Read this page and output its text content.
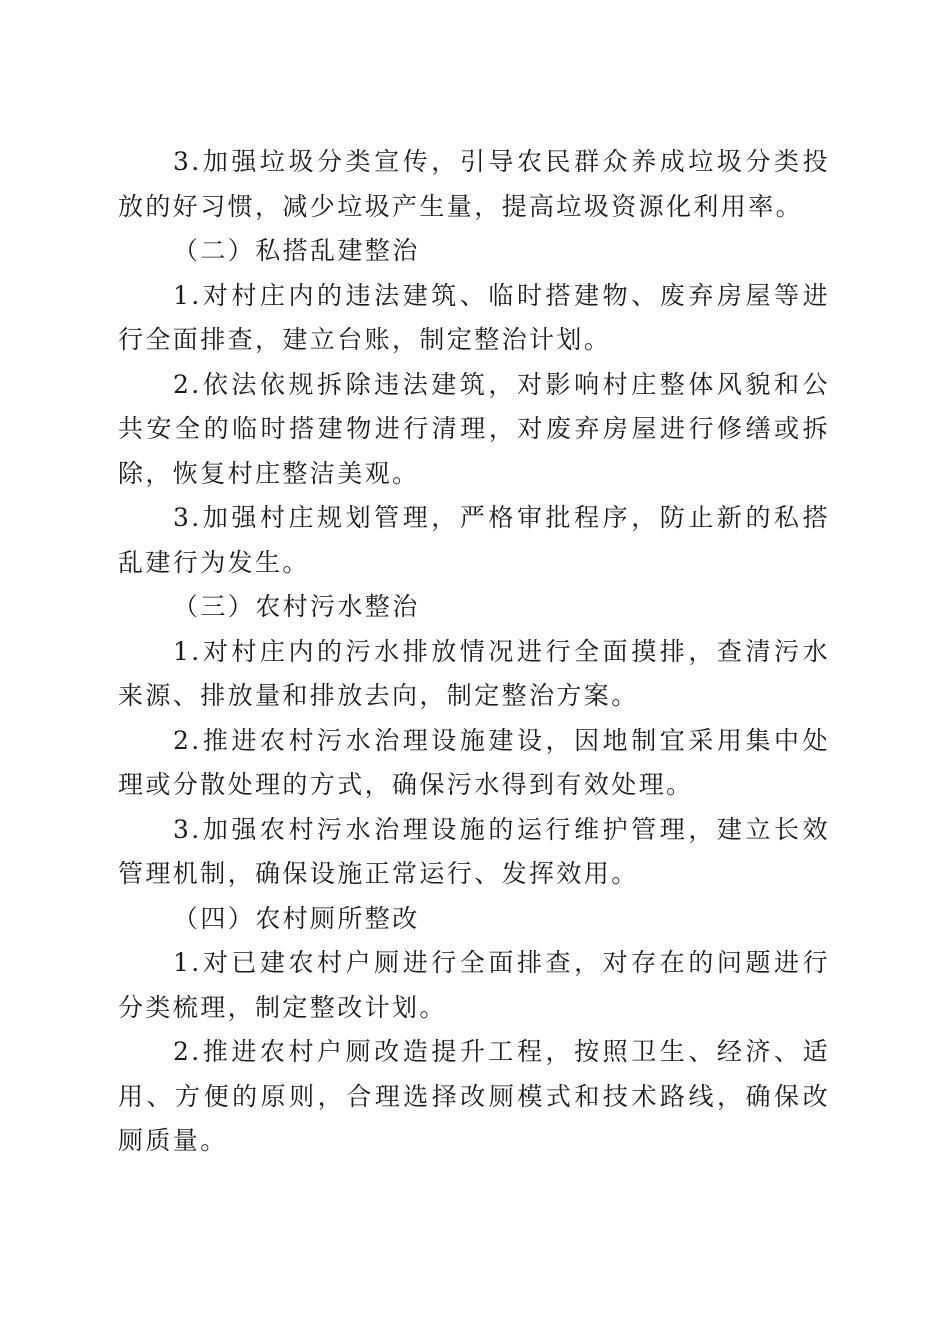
3.加强垃圾分类宣传，引导农民群众养成垃圾分类投放的好习惯，减少垃圾产生量，提高垃圾资源化利用率。

（二）私搭乱建整治

1.对村庄内的违法建筑、临时搭建物、废弃房屋等进行全面排查，建立台账，制定整治计划。

2.依法依规拆除违法建筑，对影响村庄整体风貌和公共安全的临时搭建物进行清理，对废弃房屋进行修缮或拆除，恢复村庄整洁美观。

3.加强村庄规划管理，严格审批程序，防止新的私搭乱建行为发生。

（三）农村污水整治

1.对村庄内的污水排放情况进行全面摸排，查清污水来源、排放量和排放去向，制定整治方案。

2.推进农村污水治理设施建设，因地制宜采用集中处理或分散处理的方式，确保污水得到有效处理。

3.加强农村污水治理设施的运行维护管理，建立长效管理机制，确保设施正常运行、发挥效用。

（四）农村厕所整改

1.对已建农村户厕进行全面排查，对存在的问题进行分类梳理，制定整改计划。

2.推进农村户厕改造提升工程，按照卫生、经济、适用、方便的原则，合理选择改厕模式和技术路线，确保改厕质量。
